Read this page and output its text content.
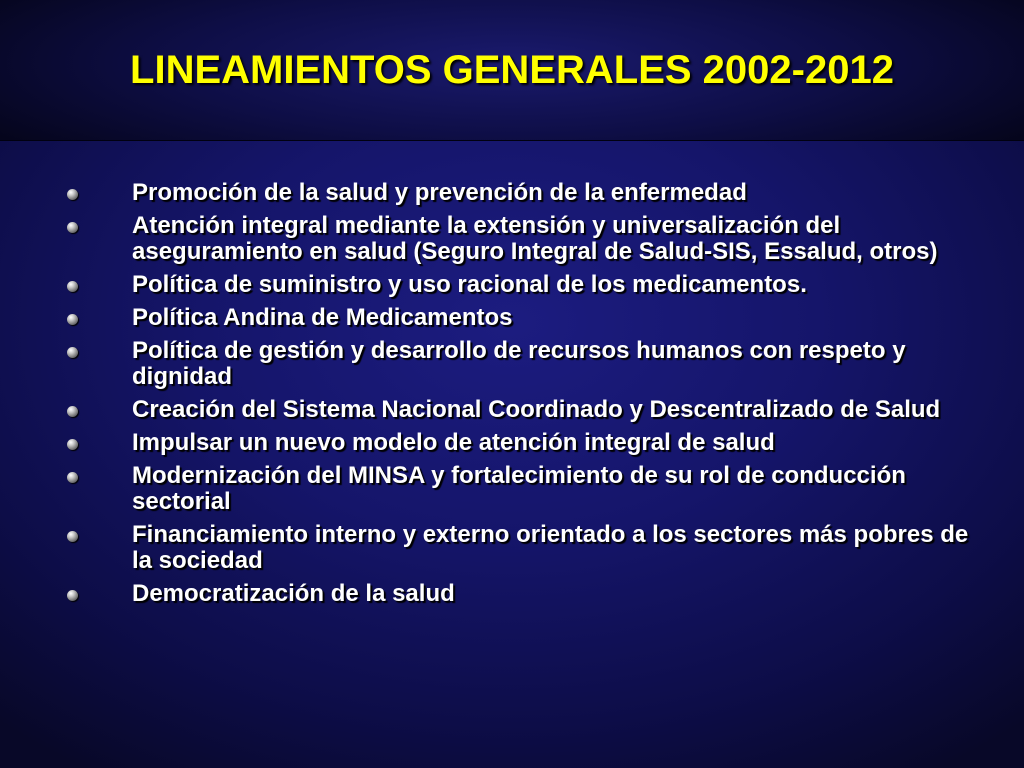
LINEAMIENTOS GENERALES 2002-2012
Promoción de la salud y prevención de la enfermedad
Atención integral mediante la extensión y universalización del aseguramiento en salud (Seguro Integral de Salud-SIS, Essalud, otros)
Política de suministro y uso racional de los medicamentos.
Política Andina de Medicamentos
Política de gestión y desarrollo de recursos humanos con respeto y dignidad
Creación del Sistema Nacional Coordinado y Descentralizado de Salud
Impulsar un nuevo modelo de atención integral de salud
Modernización del MINSA y fortalecimiento de su rol de conducción sectorial
Financiamiento interno y externo orientado a los sectores más pobres de la sociedad
Democratización de la salud
